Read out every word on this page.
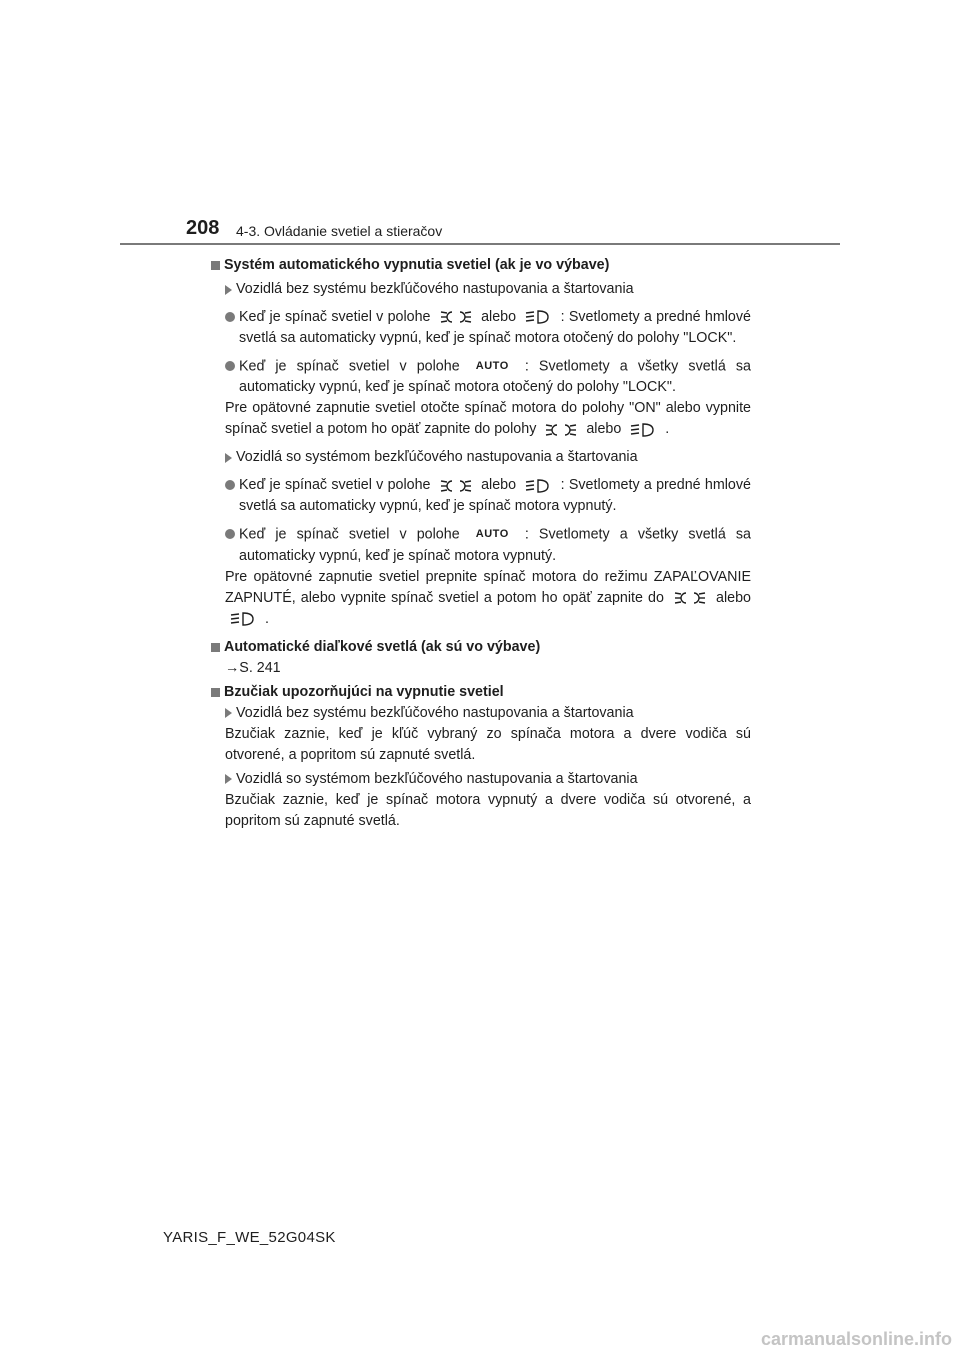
208 4-3. Ovládanie svetiel a stieračov
Systém automatického vypnutia svetiel (ak je vo výbave)
Vozidlá bez systému bezkľúčového nastupovania a štartovania
Keď je spínač svetiel v polohe	alebo	: Svetlomety a predné hmlové svetlá sa automaticky vypnú, keď je spínač motora otočený do polohy "LOCK".
Keď je spínač svetiel v polohe AUTO : Svetlomety a všetky svetlá sa automaticky vypnú, keď je spínač motora otočený do polohy "LOCK".
Pre opätovné zapnutie svetiel otočte spínač motora do polohy "ON" alebo vypnite spínač svetiel a potom ho opäť zapnite do polohy	alebo	.
Vozidlá so systémom bezkľúčového nastupovania a štartovania
Keď je spínač svetiel v polohe	alebo	: Svetlomety a predné hmlové svetlá sa automaticky vypnú, keď je spínač motora vypnutý.
Keď je spínač svetiel v polohe AUTO : Svetlomety a všetky svetlá sa automaticky vypnú, keď je spínač motora vypnutý.
Pre opätovné zapnutie svetiel prepnite spínač motora do režimu ZAPAĽOVANIE ZAPNUTÉ, alebo vypnite spínač svetiel a potom ho opäť zapnite do	alebo  .
Automatické diaľkové svetlá (ak sú vo výbave)
→S. 241
Bzučiak upozorňujúci na vypnutie svetiel
Vozidlá bez systému bezkľúčového nastupovania a štartovania
Bzučiak zaznie, keď je kľúč vybraný zo spínača motora a dvere vodiča sú otvorené, a popritom sú zapnuté svetlá.
Vozidlá so systémom bezkľúčového nastupovania a štartovania
Bzučiak zaznie, keď je spínač motora vypnutý a dvere vodiča sú otvorené, a popritom sú zapnuté svetlá.
YARIS_F_WE_52G04SK
carmanualsonline.info
